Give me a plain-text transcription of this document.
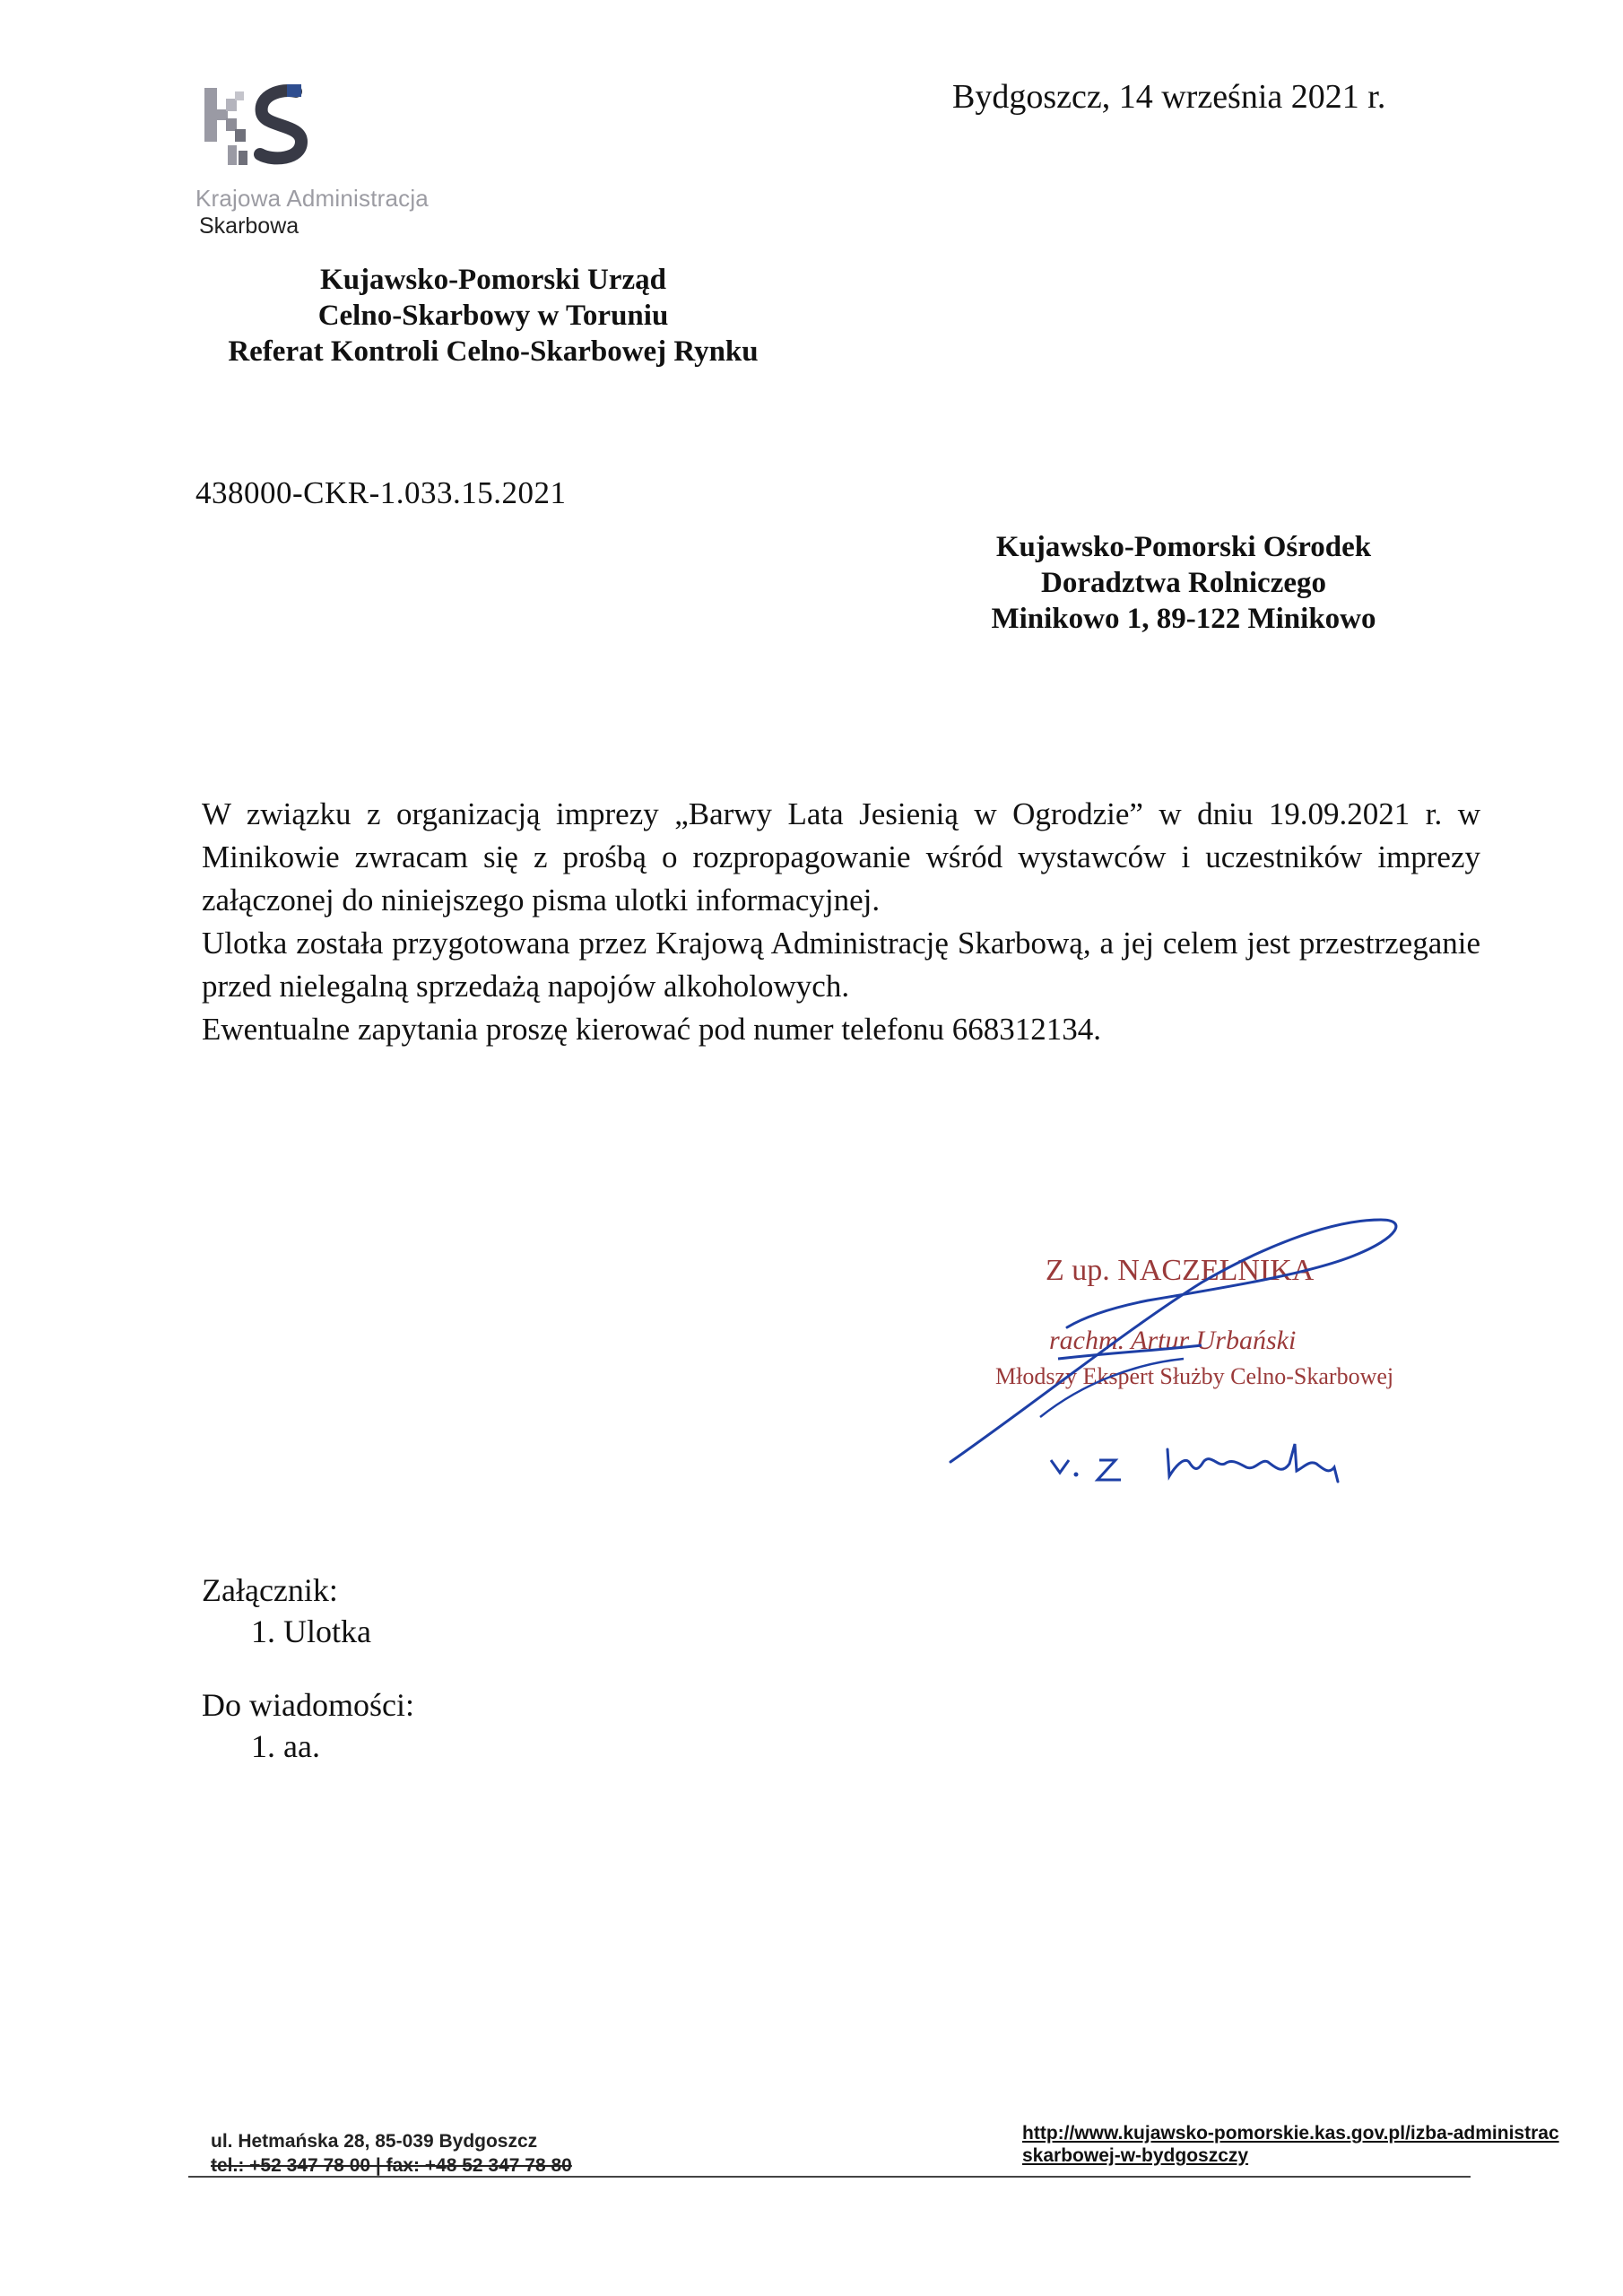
Krajowa Administracja
Skarbowa
Bydgoszcz, 14 września 2021 r.
Kujawsko-Pomorski Urząd
Celno-Skarbowy w Toruniu
Referat Kontroli Celno-Skarbowej Rynku
438000-CKR-1.033.15.2021
Kujawsko-Pomorski Ośrodek
Doradztwa Rolniczego
Minikowo 1, 89-122 Minikowo

W związku z organizacją imprezy „Barwy Lata Jesienią w Ogrodzie” w dniu 19.09.2021 r. w Minikowie zwracam się z prośbą o rozpropagowanie wśród wystawców i uczestników imprezy załączonej do niniejszego pisma ulotki informacyjnej.

Ulotka została przygotowana przez Krajową Administrację Skarbową, a jej celem jest przestrzeganie przed nielegalną sprzedażą napojów alkoholowych.

Ewentualne zapytania proszę kierować pod numer telefonu 668312134.

Z up. NACZELNIKA
rachm. Artur Urbański
Młodszy Ekspert Służby Celno-Skarbowej
Załącznik:
1. Ulotka
Do wiadomości:
1. aa.
ul. Hetmańska 28, 85-039 Bydgoszcz
tel.: +52 347 78 00 | fax: +48 52 347 78 80
http://www.kujawsko-pomorskie.kas.gov.pl/izba-administrac
skarbowej-w-bydgoszczy
